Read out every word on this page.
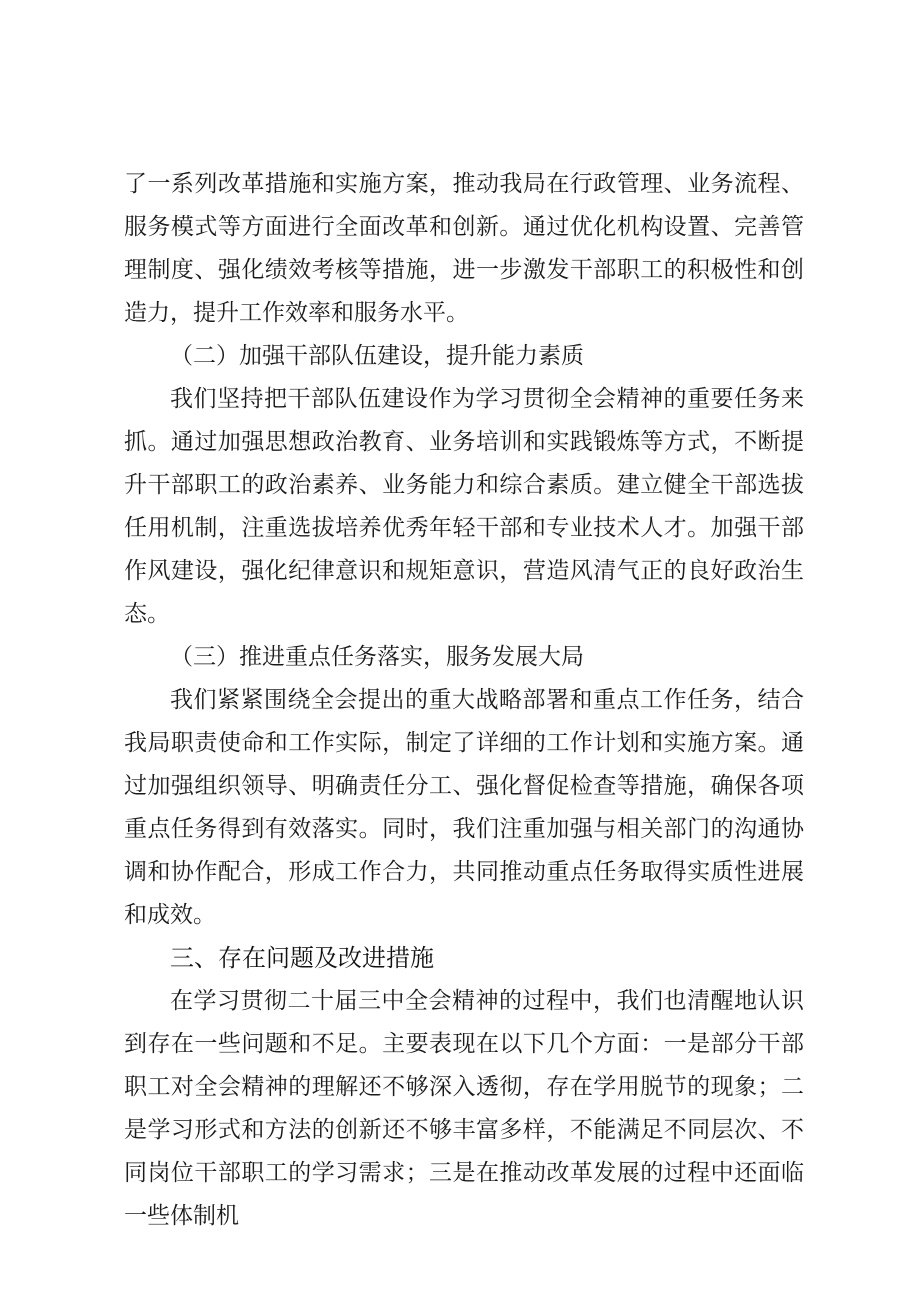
了一系列改革措施和实施方案，推动我局在行政管理、业务流程、服务模式等方面进行全面改革和创新。通过优化机构设置、完善管理制度、强化绩效考核等措施，进一步激发干部职工的积极性和创造力，提升工作效率和服务水平。

（二）加强干部队伍建设，提升能力素质

我们坚持把干部队伍建设作为学习贯彻全会精神的重要任务来抓。通过加强思想政治教育、业务培训和实践锻炼等方式，不断提升干部职工的政治素养、业务能力和综合素质。建立健全干部选拔任用机制，注重选拔培养优秀年轻干部和专业技术人才。加强干部作风建设，强化纪律意识和规矩意识，营造风清气正的良好政治生态。

（三）推进重点任务落实，服务发展大局

我们紧紧围绕全会提出的重大战略部署和重点工作任务，结合我局职责使命和工作实际，制定了详细的工作计划和实施方案。通过加强组织领导、明确责任分工、强化督促检查等措施，确保各项重点任务得到有效落实。同时，我们注重加强与相关部门的沟通协调和协作配合，形成工作合力，共同推动重点任务取得实质性进展和成效。

三、存在问题及改进措施

在学习贯彻二十届三中全会精神的过程中，我们也清醒地认识到存在一些问题和不足。主要表现在以下几个方面：一是部分干部职工对全会精神的理解还不够深入透彻，存在学用脱节的现象；二是学习形式和方法的创新还不够丰富多样，不能满足不同层次、不同岗位干部职工的学习需求；三是在推动改革发展的过程中还面临一些体制机
